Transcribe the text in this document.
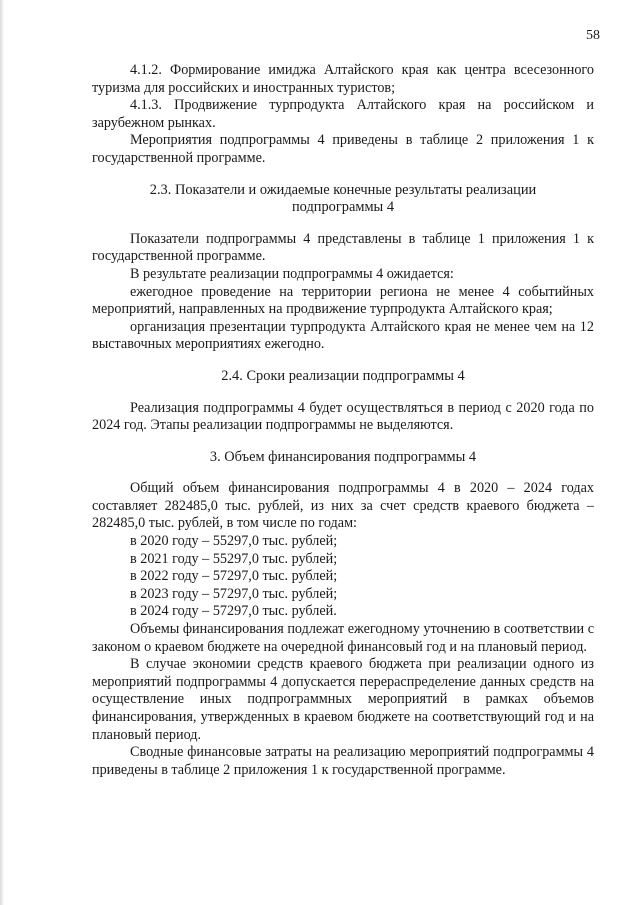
58

4.1.2. Формирование имиджа Алтайского края как центра всесезонного туризма для российских и иностранных туристов;

4.1.3. Продвижение турпродукта Алтайского края на российском и зарубежном рынках.

Мероприятия подпрограммы 4 приведены в таблице 2 приложения 1 к государственной программе.

2.3. Показатели и ожидаемые конечные результаты реализации
подпрограммы 4

Показатели подпрограммы 4 представлены в таблице 1 приложения 1 к государственной программе.

В результате реализации подпрограммы 4 ожидается:

ежегодное проведение на территории региона не менее 4 событийных мероприятий, направленных на продвижение турпродукта Алтайского края;

организация презентации турпродукта Алтайского края не менее чем на 12 выставочных мероприятиях ежегодно.

2.4. Сроки реализации подпрограммы 4

Реализация подпрограммы 4 будет осуществляться в период с 2020 года по 2024 год. Этапы реализации подпрограммы не выделяются.

3. Объем финансирования подпрограммы 4

Общий объем финансирования подпрограммы 4 в 2020 – 2024 годах составляет 282485,0 тыс. рублей, из них за счет средств краевого бюджета – 282485,0 тыс. рублей, в том числе по годам:

в 2020 году – 55297,0 тыс. рублей;

в 2021 году – 55297,0 тыс. рублей;

в 2022 году – 57297,0 тыс. рублей;

в 2023 году – 57297,0 тыс. рублей;

в 2024 году – 57297,0 тыс. рублей.

Объемы финансирования подлежат ежегодному уточнению в соответствии с законом о краевом бюджете на очередной финансовый год и на плановый период.

В случае экономии средств краевого бюджета при реализации одного из мероприятий подпрограммы 4 допускается перераспределение данных средств на осуществление иных подпрограммных мероприятий в рамках объемов финансирования, утвержденных в краевом бюджете на соответствующий год и на плановый период.

Сводные финансовые затраты на реализацию мероприятий подпрограммы 4 приведены в таблице 2 приложения 1 к государственной программе.
